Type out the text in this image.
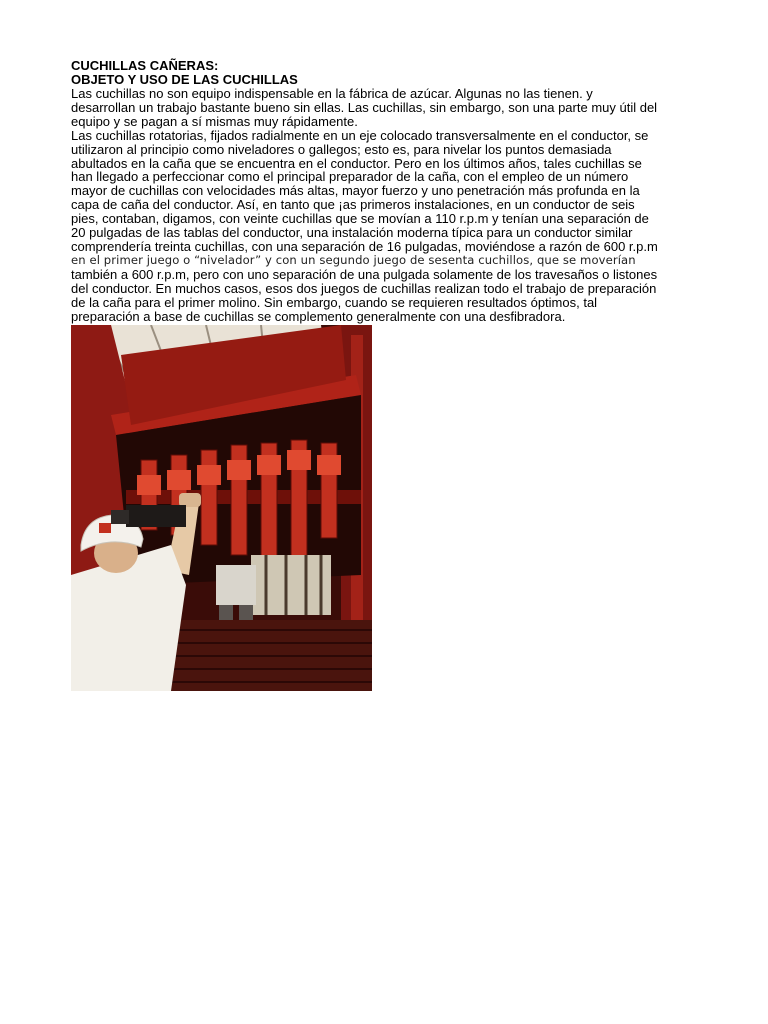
CUCHILLAS CAÑERAS:
OBJETO Y USO DE LAS CUCHILLAS

Las cuchillas no son equipo indispensable en la fábrica de azúcar. Algunas no las tienen. y
desarrollan un trabajo bastante bueno sin ellas. Las cuchillas, sin embargo, son una parte muy útil del
equipo y se pagan a sí mismas muy rápidamente.

Las cuchillas rotatorias, fijados radialmente en un eje colocado transversalmente en el conductor, se
utilizaron al principio como niveladores o gallegos; esto es, para nivelar los puntos demasiada
abultados en la caña que se encuentra en el conductor. Pero en los últimos años, tales cuchillas se
han llegado a perfeccionar como el principal preparador de la caña, con el empleo de un número
mayor de cuchillas con velocidades más altas, mayor fuerzo y uno penetración más profunda en la
capa de caña del conductor. Así, en tanto que ¡as primeros instalaciones, en un conductor de seis
pies, contaban, digamos, con veinte cuchillas que se movían a 110 r.p.m y tenían una separación de
20 pulgadas de las tablas del conductor, una instalación moderna típica para un conductor similar
comprendería treinta cuchillas, con una separación de 16 pulgadas, moviéndose a razón de 600 r.p.m
en el primer juego o “nivelador” y con un segundo juego de sesenta cuchillos, que se moverían
también a 600 r.p.m, pero con uno separación de una pulgada solamente de los travesaños o listones
del conductor. En muchos casos, esos dos juegos de cuchillas realizan todo el trabajo de preparación
de la caña para el primer molino. Sin embargo, cuando se requieren resultados óptimos, tal
preparación a base de cuchillas se complemento generalmente con una desfibradora.
